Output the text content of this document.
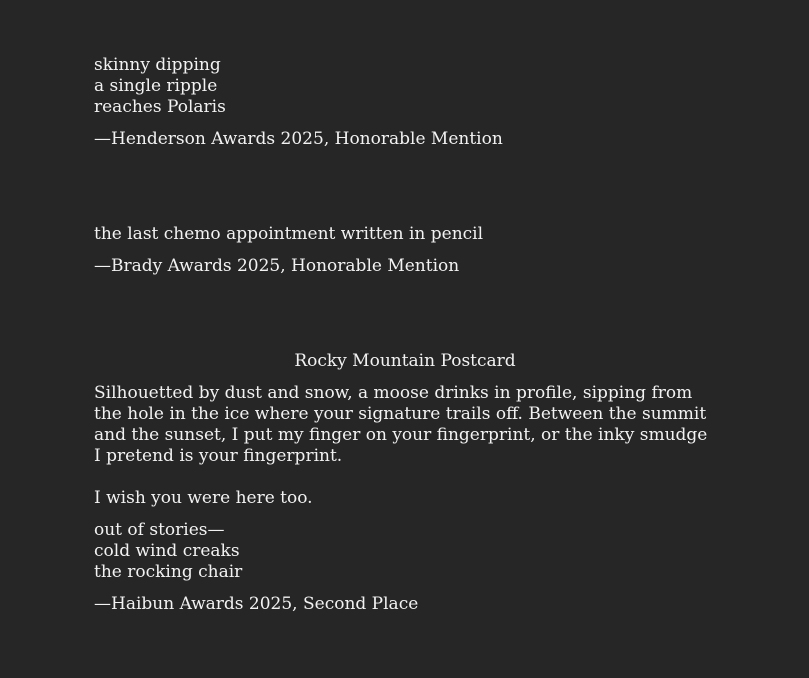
skinny dipping
a single ripple
reaches Polaris
—Henderson Awards 2025, Honorable Mention
the last chemo appointment written in pencil
—Brady Awards 2025, Honorable Mention
Rocky Mountain Postcard
Silhouetted by dust and snow, a moose drinks in profile, sipping from the hole in the ice where your signature trails off. Between the summit and the sunset, I put my finger on your fingerprint, or the inky smudge I pretend is your fingerprint.
I wish you were here too.
out of stories—
cold wind creaks
the rocking chair
—Haibun Awards 2025, Second Place
